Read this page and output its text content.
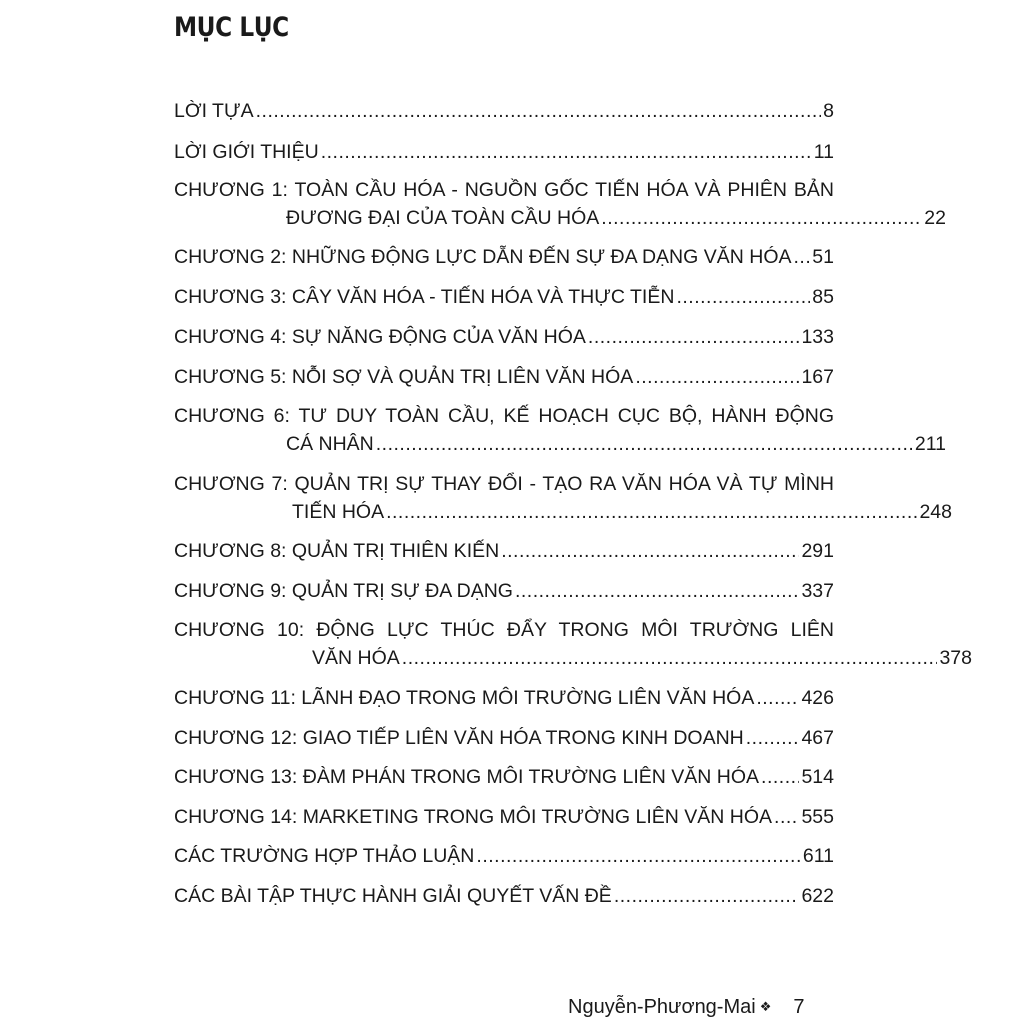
MỤC LỤC
LỜI TỰA .....	8
LỜI GIỚI THIỆU .....	11
CHƯƠNG 1: TOÀN CẦU HÓA - NGUỒN GỐC TIẾN HÓA VÀ PHIÊN BẢN
ĐƯƠNG ĐẠI CỦA TOÀN CẦU HÓA .....	22
CHƯƠNG 2: NHỮNG ĐỘNG LỰC DẪN ĐẾN SỰ ĐA DẠNG VĂN HÓA ..... 51
CHƯƠNG 3: CÂY VĂN HÓA - TIẾN HÓA VÀ THỰC TIỄN .....	85
CHƯƠNG 4: SỰ NĂNG ĐỘNG CỦA VĂN HÓA .....	133
CHƯƠNG 5: NỖI SỢ VÀ QUẢN TRỊ LIÊN VĂN HÓA .....	167
CHƯƠNG 6: TƯ DUY TOÀN CẦU, KẾ HOẠCH CỤC BỘ, HÀNH ĐỘNG
CÁ NHÂN .....	211
CHƯƠNG 7: QUẢN TRỊ SỰ THAY ĐỔI - TẠO RA VĂN HÓA VÀ TỰ MÌNH
TIẾN HÓA .....	248
CHƯƠNG 8: QUẢN TRỊ THIÊN KIẾN .....	291
CHƯƠNG 9: QUẢN TRỊ SỰ ĐA DẠNG .....	337
CHƯƠNG 10: ĐỘNG LỰC THÚC ĐẨY TRONG MÔI TRƯỜNG LIÊN
VĂN HÓA .....	378
CHƯƠNG 11: LÃNH ĐẠO TRONG MÔI TRƯỜNG LIÊN VĂN HÓA ..... 426
CHƯƠNG 12: GIAO TIẾP LIÊN VĂN HÓA TRONG KINH DOANH .....	467
CHƯƠNG 13: ĐÀM PHÁN TRONG MÔI TRƯỜNG LIÊN VĂN HÓA ..... 514
CHƯƠNG 14: MARKETING TRONG MÔI TRƯỜNG LIÊN VĂN HÓA ..... 555
CÁC TRƯỜNG HỢP THẢO LUẬN .....	611
CÁC BÀI TẬP THỰC HÀNH GIẢI QUYẾT VẤN ĐỀ .....	622
Nguyễn-Phương-Mai ❖ 7
